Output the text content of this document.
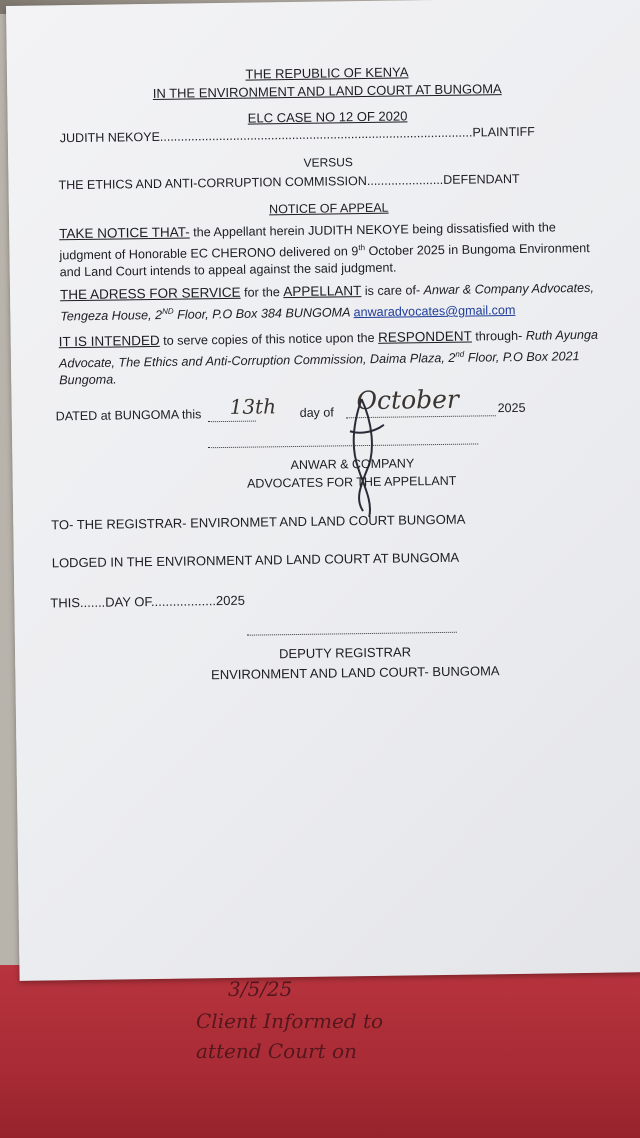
3/5/25
Client Informed to
attend Court on
THE REPUBLIC OF KENYA
IN THE ENVIRONMENT AND LAND COURT AT BUNGOMA
ELC CASE NO 12 OF 2020
JUDITH NEKOYE..........................................................................................PLAINTIFF
VERSUS
THE ETHICS AND ANTI-CORRUPTION COMMISSION......................DEFENDANT
NOTICE OF APPEAL
TAKE NOTICE THAT- the Appellant herein JUDITH NEKOYE being dissatisfied with the judgment of Honorable EC CHERONO delivered on 9th October 2025 in Bungoma Environment and Land Court intends to appeal against the said judgment.
THE ADRESS FOR SERVICE for the APPELLANT is care of- Anwar & Company Advocates, Tengeza House, 2ND Floor, P.O Box 384 BUNGOMA anwaradvocates@gmail.com
IT IS INTENDED to serve copies of this notice upon the RESPONDENT through- Ruth Ayunga Advocate, The Ethics and Anti-Corruption Commission, Daima Plaza, 2nd Floor, P.O Box 2021 Bungoma.
DATED at BUNGOMA this 13th day of October	2025
ANWAR & COMPANY
ADVOCATES FOR THE APPELLANT
TO- THE REGISTRAR- ENVIRONMET AND LAND COURT BUNGOMA
LODGED IN THE ENVIRONMENT AND LAND COURT AT BUNGOMA
THIS.......DAY OF..................2025
DEPUTY REGISTRAR
ENVIRONMENT AND LAND COURT- BUNGOMA
